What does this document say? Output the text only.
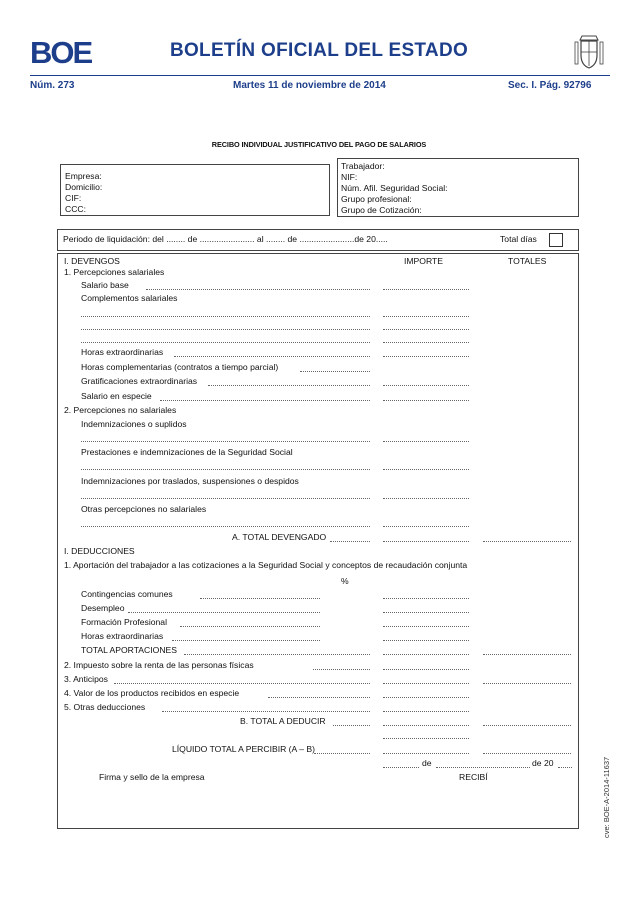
BOE	BOLETÍN OFICIAL DEL ESTADO
Núm. 273	Martes 11 de noviembre de 2014	Sec. I. Pág. 92796
RECIBO INDIVIDUAL JUSTIFICATIVO DEL PAGO DE SALARIOS
Empresa:
Domicilio:
CIF:
CCC:
Trabajador:
NIF:
Núm. Afil. Seguridad Social:
Grupo profesional:
Grupo de Cotización:
Periodo de liquidación: del ........ de ....................... al ........ de .......................de 20.....	Total días
I. DEVENGOS	IMPORTE	TOTALES
1. Percepciones salariales
Salario base
Complementos salariales
Horas extraordinarias
Horas complementarias (contratos a tiempo parcial)
Gratificaciones extraordinarias
Salario en especie
2. Percepciones no salariales
Indemnizaciones o suplidos
Prestaciones e indemnizaciones de la Seguridad Social
Indemnizaciones por traslados, suspensiones o despidos
Otras percepciones no salariales
A. TOTAL DEVENGADO
I. DEDUCCIONES
1. Aportación del trabajador a las cotizaciones a la Seguridad Social y conceptos de recaudación conjunta
%
Contingencias comunes
Desempleo
Formación Profesional
Horas extraordinarias
TOTAL APORTACIONES
2. Impuesto sobre la renta de las personas físicas
3. Anticipos
4. Valor de los productos recibidos en especie
5. Otras deducciones
B. TOTAL A DEDUCIR
LÍQUIDO TOTAL A PERCIBIR (A – B)
de	de 20
Firma y sello de la empresa	RECIBÍ	cve: BOE-A-2014-11637
